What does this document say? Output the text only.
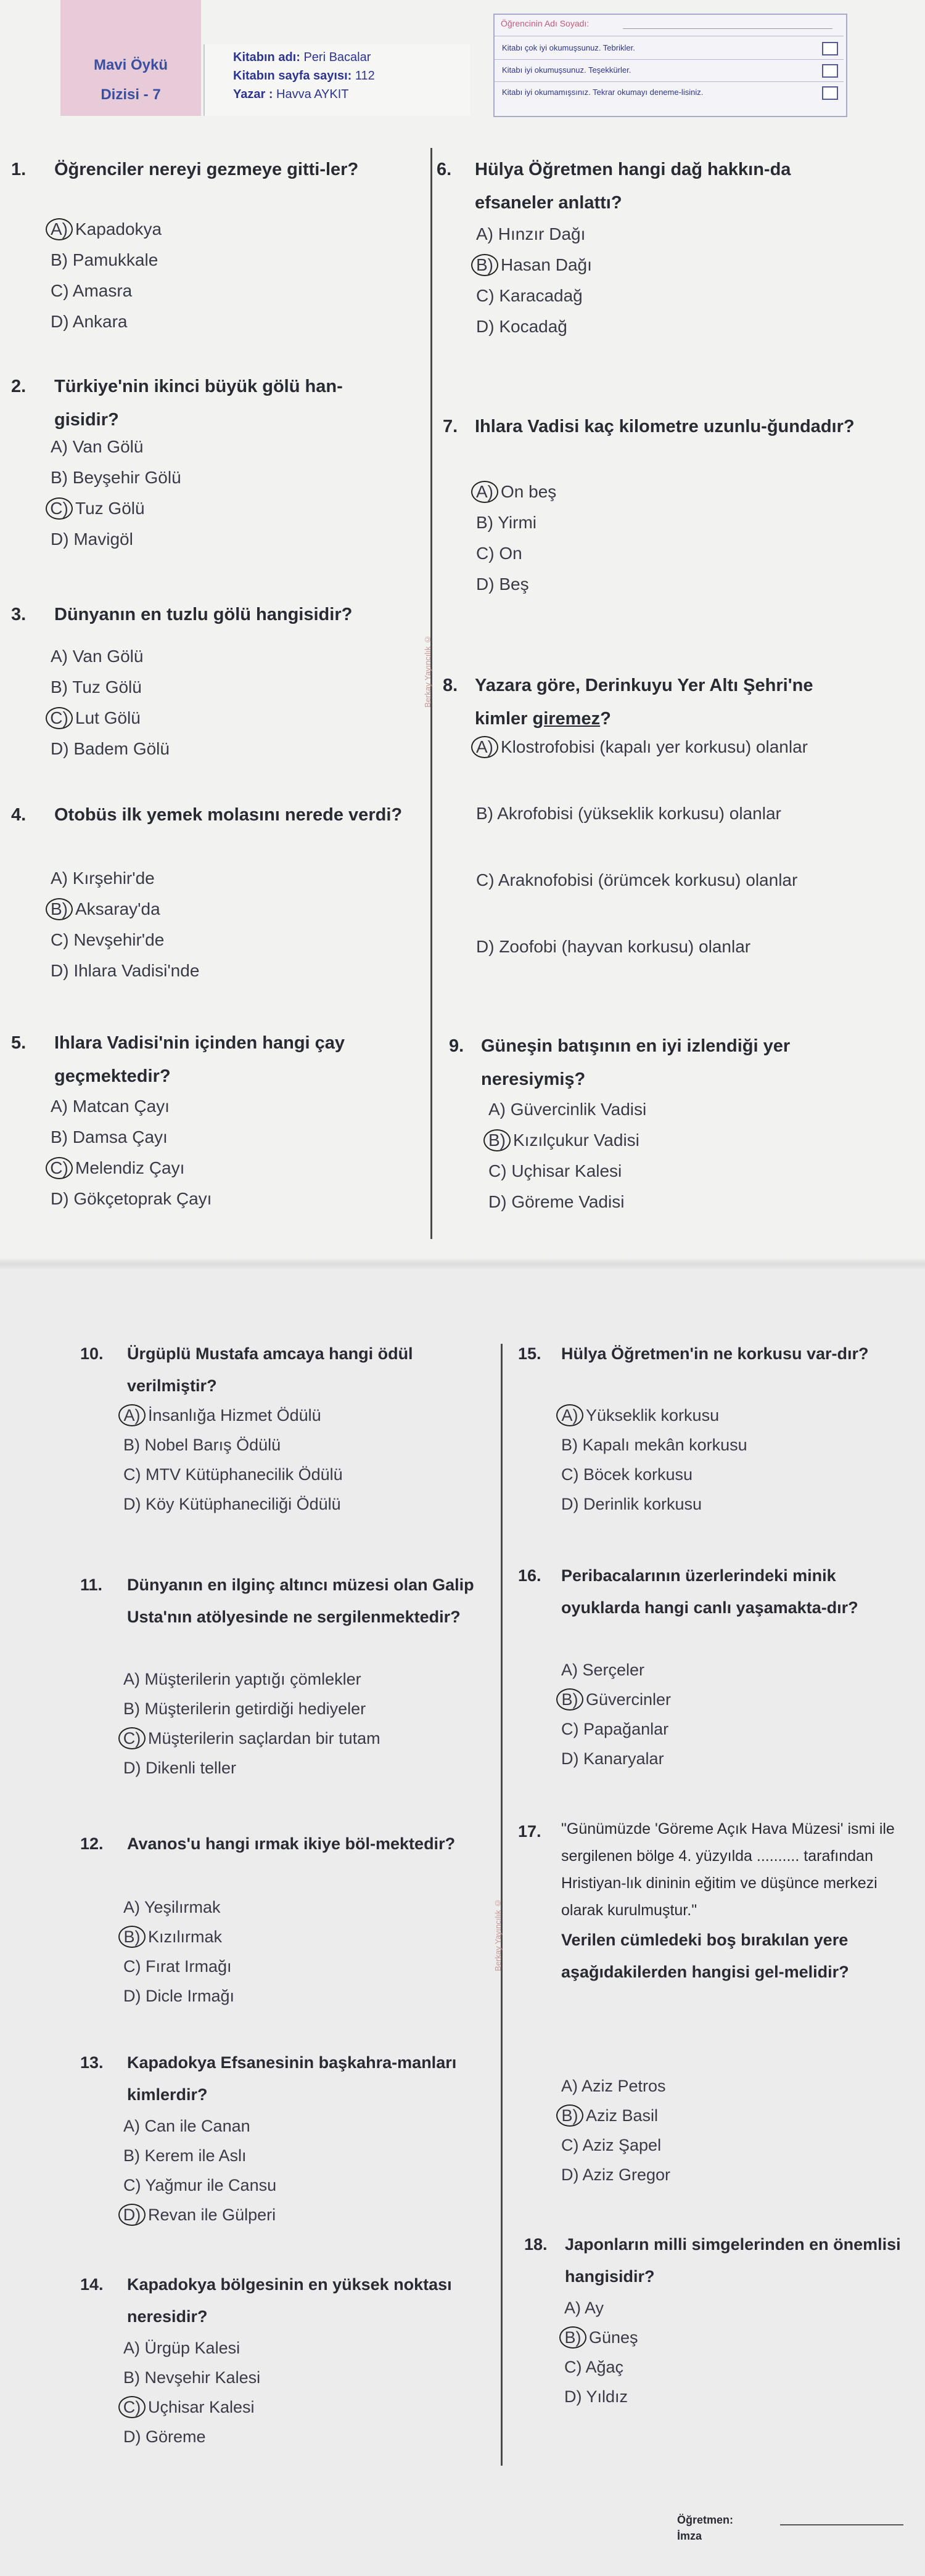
Mavi Öykü
Dizisi - 7
Kitabın adı: Peri Bacalar
Kitabın sayfa sayısı: 112
Yazar : Havva AYKIT
Öğrencinin Adı Soyadı:
Kitabı çok iyi okumuşsunuz. Tebrikler.
Kitabı iyi okumuşsunuz. Teşekkürler.
Kitabı iyi okumamışsınız. Tekrar okumayı deneme-lisiniz.
Berkay Yayıncılık ©
Berkay Yayıncılık ©
1.	Öğrenciler nereyi gezmeye gitti-ler?
A) Kapadokya
B) Pamukkale
C) Amasra
D) Ankara
2.	Türkiye'nin ikinci büyük gölü han-gisidir?
A) Van Gölü
B) Beyşehir Gölü
C) Tuz Gölü
D) Mavigöl
3.	Dünyanın en tuzlu gölü hangisidir?
A) Van Gölü
B) Tuz Gölü
C) Lut Gölü
D) Badem Gölü
4.	Otobüs ilk yemek molasını nerede verdi?
A) Kırşehir'de
B) Aksaray'da
C) Nevşehir'de
D) Ihlara Vadisi'nde
5.	Ihlara Vadisi'nin içinden hangi çay geçmektedir?
A) Matcan Çayı
B) Damsa Çayı
C) Melendiz Çayı
D) Gökçetoprak Çayı
6.	Hülya Öğretmen hangi dağ hakkın-da efsaneler anlattı?
A) Hınzır Dağı
B) Hasan Dağı
C) Karacadağ
D) Kocadağ
7. Ihlara Vadisi kaç kilometre uzunlu-ğundadır?
A) On beş
B) Yirmi
C) On
D) Beş
8. Yazara göre, Derinkuyu Yer Altı Şehri'ne kimler giremez?
A) Klostrofobisi (kapalı yer korkusu) olanlar
B) Akrofobisi (yükseklik korkusu) olanlar
C) Araknofobisi (örümcek korkusu) olanlar
D) Zoofobi (hayvan korkusu) olanlar
9. Güneşin batışının en iyi izlendiği yer neresiymiş?
A) Güvercinlik Vadisi
B) Kızılçukur Vadisi
C) Uçhisar Kalesi
D) Göreme Vadisi
10.	Ürgüplü Mustafa amcaya hangi ödül verilmiştir?
A) İnsanlığa Hizmet Ödülü
B) Nobel Barış Ödülü
C) MTV Kütüphanecilik Ödülü
D) Köy Kütüphaneciliği Ödülü
11.	Dünyanın en ilginç altıncı müzesi olan Galip Usta'nın atölyesinde ne sergilenmektedir?
A) Müşterilerin yaptığı çömlekler
B) Müşterilerin getirdiği hediyeler
C) Müşterilerin saçlardan bir tutam
D) Dikenli teller
12.	Avanos'u hangi ırmak ikiye böl-mektedir?
A) Yeşilırmak
B) Kızılırmak
C) Fırat Irmağı
D) Dicle Irmağı
13.	Kapadokya Efsanesinin başkahra-manları kimlerdir?
A) Can ile Canan
B) Kerem ile Aslı
C) Yağmur ile Cansu
D) Revan ile Gülperi
14.	Kapadokya bölgesinin en yüksek noktası neresidir?
A) Ürgüp Kalesi
B) Nevşehir Kalesi
C) Uçhisar Kalesi
D) Göreme
15.	Hülya Öğretmen'in ne korkusu var-dır?
A) Yükseklik korkusu
B) Kapalı mekân korkusu
C) Böcek korkusu
D) Derinlik korkusu
16.	Peribacalarının üzerlerindeki minik oyuklarda hangi canlı yaşamakta-dır?
A) Serçeler
B) Güvercinler
C) Papağanlar
D) Kanaryalar
17.	"Günümüzde 'Göreme Açık Hava Müzesi' ismi ile sergilenen bölge 4. yüzyılda .......... tarafından Hristiyan-lık dininin eğitim ve düşünce merkezi olarak kurulmuştur."
Verilen cümledeki boş bırakılan yere aşağıdakilerden hangisi gel-melidir?
A) Aziz Petros
B) Aziz Basil
C) Aziz Şapel
D) Aziz Gregor
18.	Japonların milli simgelerinden en önemlisi hangisidir?
A) Ay
B) Güneş
C) Ağaç
D) Yıldız
Öğretmen:
İmza
